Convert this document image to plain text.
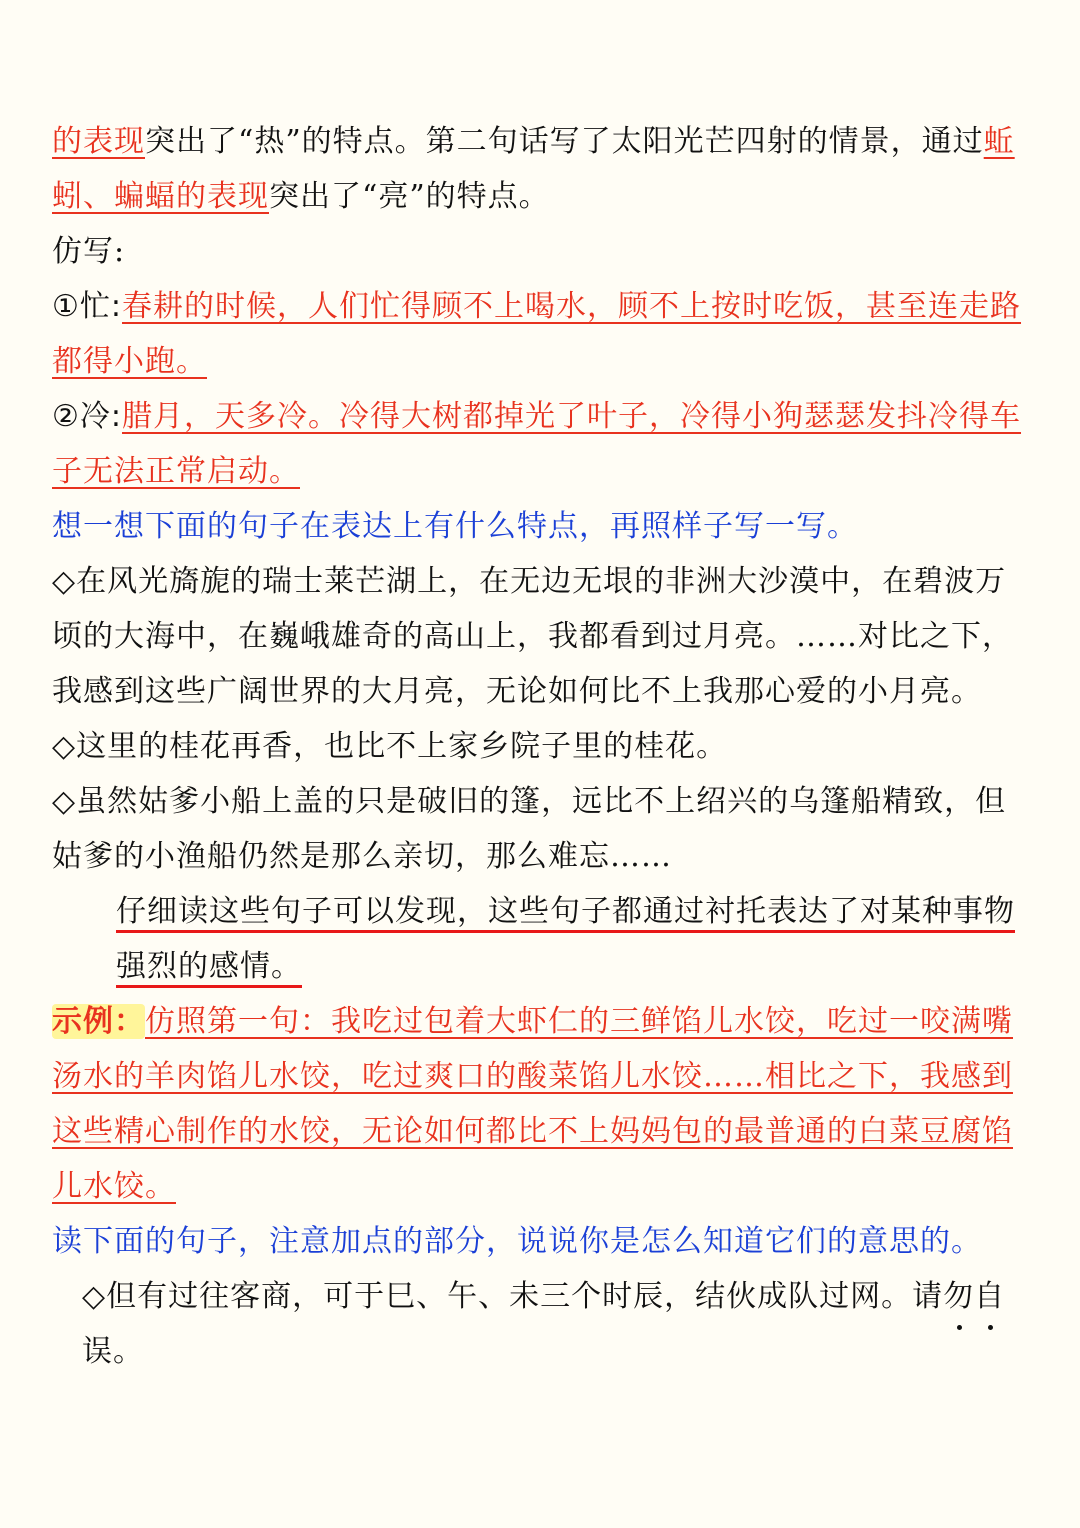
的表现突出了“热”的特点。第二句话写了太阳光芒四射的情景，通过蚯蚓、蝙蝠的表现突出了“亮”的特点。

仿写:

①忙:春耕的时候，人们忙得顾不上喝水，顾不上按时吃饭，甚至连走路都得小跑。

②冷:腊月，天多冷。冷得大树都掉光了叶子，冷得小狗瑟瑟发抖冷得车子无法正常启动。

想一想下面的句子在表达上有什么特点，再照样子写一写。

◇在风光旖旎的瑞士莱芒湖上，在无边无垠的非洲大沙漠中，在碧波万顷的大海中，在巍峨雄奇的高山上，我都看到过月亮。……对比之下，我感到这些广阔世界的大月亮，无论如何比不上我那心爱的小月亮。

◇这里的桂花再香，也比不上家乡院子里的桂花。

◇虽然姑爹小船上盖的只是破旧的篷，远比不上绍兴的乌篷船精致，但姑爹的小渔船仍然是那么亲切，那么难忘……

仔细读这些句子可以发现，这些句子都通过衬托表达了对某种事物强烈的感情。

示例：仿照第一句：我吃过包着大虾仁的三鲜馅儿水饺，吃过一咬满嘴汤水的羊肉馅儿水饺，吃过爽口的酸菜馅儿水饺……相比之下，我感到这些精心制作的水饺，无论如何都比不上妈妈包的最普通的白菜豆腐馅儿水饺。

读下面的句子，注意加点的部分，说说你是怎么知道它们的意思的。

◇但有过往客商，可于巳、午、未三个时辰，结伙成队过网。请勿自误。
